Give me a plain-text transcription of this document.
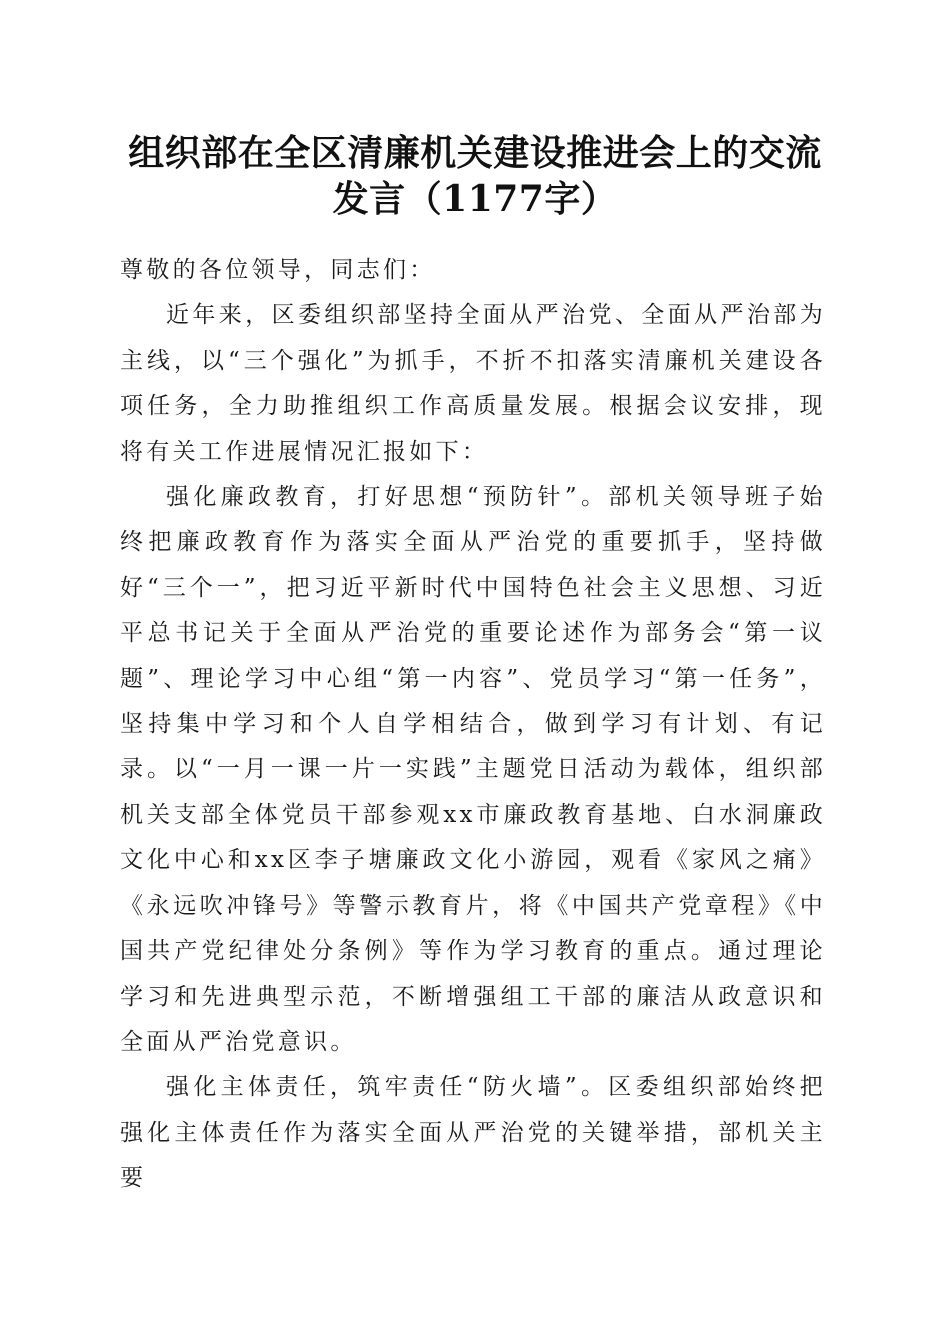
组织部在全区清廉机关建设推进会上的交流发言（1177字）

尊敬的各位领导，同志们：

近年来，区委组织部坚持全面从严治党、全面从严治部为主线，以“三个强化”为抓手，不折不扣落实清廉机关建设各项任务，全力助推组织工作高质量发展。根据会议安排，现将有关工作进展情况汇报如下：

强化廉政教育，打好思想“预防针”。部机关领导班子始终把廉政教育作为落实全面从严治党的重要抓手，坚持做好“三个一”，把习近平新时代中国特色社会主义思想、习近平总书记关于全面从严治党的重要论述作为部务会“第一议题”、理论学习中心组“第一内容”、党员学习“第一任务”，坚持集中学习和个人自学相结合，做到学习有计划、有记录。以“一月一课一片一实践”主题党日活动为载体，组织部机关支部全体党员干部参观xx市廉政教育基地、白水洞廉政文化中心和xx区李子塘廉政文化小游园，观看《家风之痛》《永远吹冲锋号》等警示教育片，将《中国共产党章程》《中国共产党纪律处分条例》等作为学习教育的重点。通过理论学习和先进典型示范，不断增强组工干部的廉洁从政意识和全面从严治党意识。

强化主体责任，筑牢责任“防火墙”。区委组织部始终把强化主体责任作为落实全面从严治党的关键举措，部机关主要
